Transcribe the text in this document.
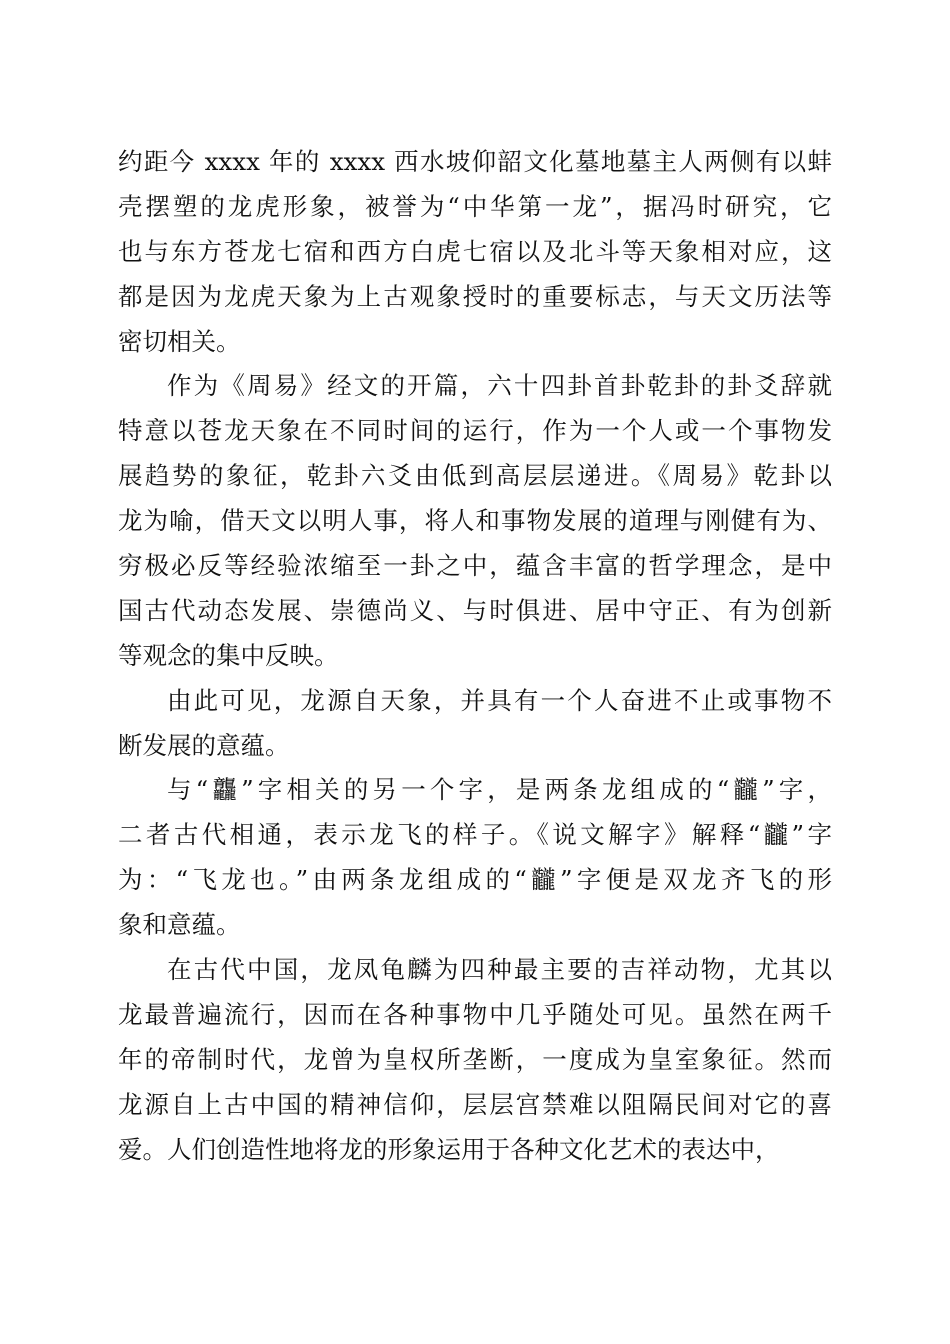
约距今 xxxx 年的 xxxx 西水坡仰韶文化墓地墓主人两侧有以蚌
壳摆塑的龙虎形象，被誉为“中华第一龙”，据冯时研究，它
也与东方苍龙七宿和西方白虎七宿以及北斗等天象相对应，这
都是因为龙虎天象为上古观象授时的重要标志，与天文历法等
密切相关。
作为《周易》经文的开篇，六十四卦首卦乾卦的卦爻辞就
特意以苍龙天象在不同时间的运行，作为一个人或一个事物发
展趋势的象征，乾卦六爻由低到高层层递进。《周易》乾卦以
龙为喻，借天文以明人事，将人和事物发展的道理与刚健有为、
穷极必反等经验浓缩至一卦之中，蕴含丰富的哲学理念，是中
国古代动态发展、崇德尚义、与时俱进、居中守正、有为创新
等观念的集中反映。
由此可见，龙源自天象，并具有一个人奋进不止或事物不
断发展的意蕴。
与“龘”字相关的另一个字，是两条龙组成的“龖”字，
二者古代相通，表示龙飞的样子。《说文解字》解释“龖”字
为：“飞龙也。”由两条龙组成的“龖”字便是双龙齐飞的形
象和意蕴。
在古代中国，龙凤龟麟为四种最主要的吉祥动物，尤其以
龙最普遍流行，因而在各种事物中几乎随处可见。虽然在两千
年的帝制时代，龙曾为皇权所垄断，一度成为皇室象征。然而
龙源自上古中国的精神信仰，层层宫禁难以阻隔民间对它的喜
爱。人们创造性地将龙的形象运用于各种文化艺术的表达中，
